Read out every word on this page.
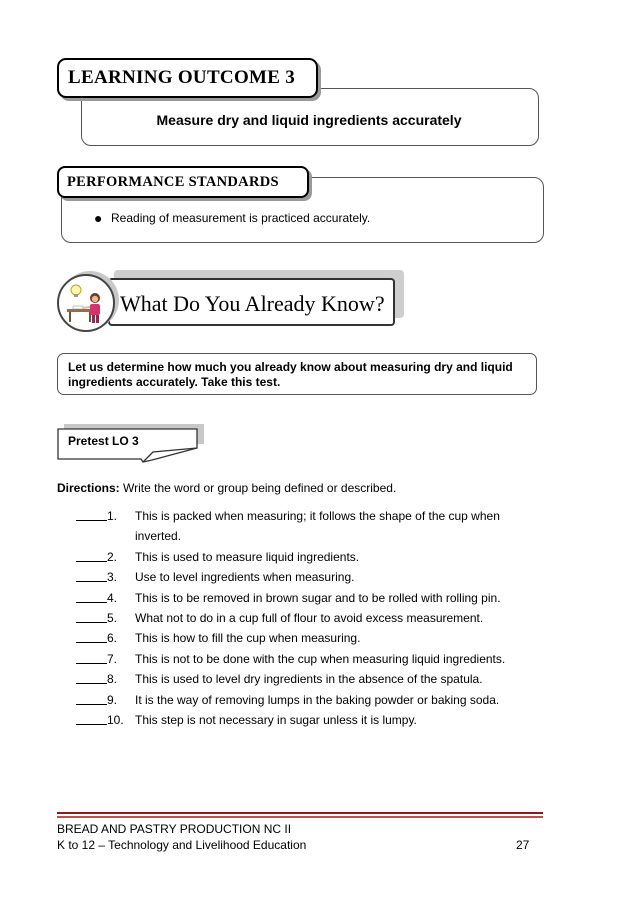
Measure dry and liquid ingredients accurately
LEARNING OUTCOME 3
PERFORMANCE STANDARDS
● Reading of measurement is practiced accurately.
What Do You Already Know?
Let us determine how much you already know about measuring dry and liquid
ingredients accurately. Take this test.
Pretest LO 3
Directions: Write the word or group being defined or described.
1.	This is packed when measuring; it follows the shape of the cup when
inverted.
2.	This is used to measure liquid ingredients.
3.	Use to level ingredients when measuring.
4.	This is to be removed in brown sugar and to be rolled with rolling pin.
5.	What not to do in a cup full of flour to avoid excess measurement.
6.	This is how to fill the cup when measuring.
7.	This is not to be done with the cup when measuring liquid ingredients.
8.	This is used to level dry ingredients in the absence of the spatula.
9.	It is the way of removing lumps in the baking powder or baking soda.
10. This step is not necessary in sugar unless it is lumpy.
BREAD AND PASTRY PRODUCTION NC II
K to 12 – Technology and Livelihood Education	27
